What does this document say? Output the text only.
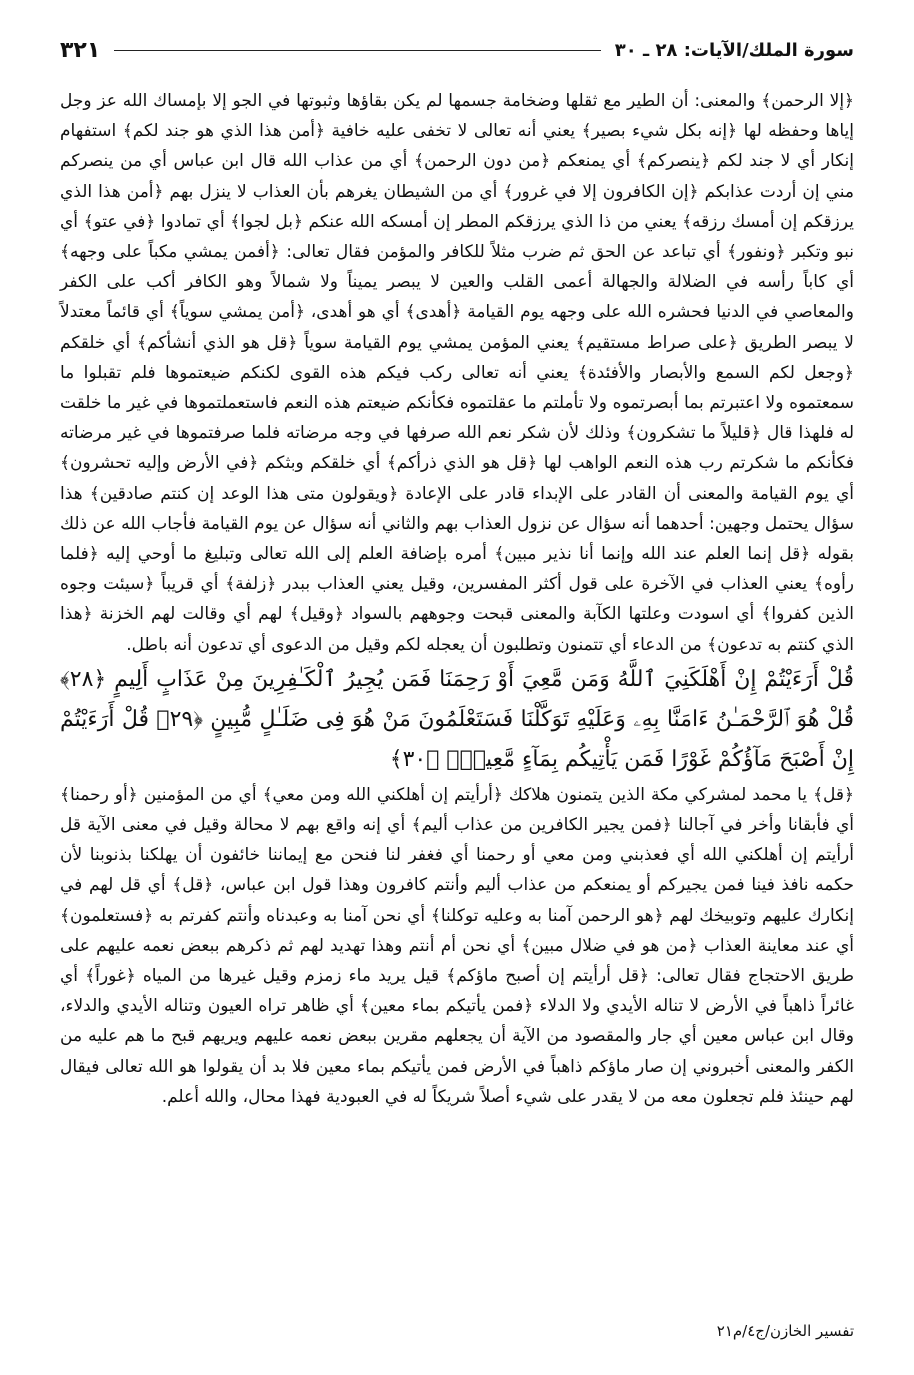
سورة الملك/الآيات: ٢٨ ـ ٣٠
٣٢١

﴿إلا الرحمن﴾ والمعنى: أن الطير مع ثقلها وضخامة جسمها لم يكن بقاؤها وثبوتها في الجو إلا بإمساك الله عز وجل إياها وحفظه لها ﴿إنه بكل شيء بصير﴾ يعني أنه تعالى لا تخفى عليه خافية ﴿أمن هذا الذي هو جند لكم﴾ استفهام إنكار أي لا جند لكم ﴿ينصركم﴾ أي يمنعكم ﴿من دون الرحمن﴾ أي من عذاب الله قال ابن عباس أي من ينصركم مني إن أردت عذابكم ﴿إن الكافرون إلا في غرور﴾ أي من الشيطان يغرهم بأن العذاب لا ينزل بهم ﴿أمن هذا الذي يرزقكم إن أمسك رزقه﴾ يعني من ذا الذي يرزقكم المطر إن أمسكه الله عنكم ﴿بل لجوا﴾ أي تمادوا ﴿في عتو﴾ أي نبو وتكبر ﴿ونفور﴾ أي تباعد عن الحق ثم ضرب مثلاً للكافر والمؤمن فقال تعالى: ﴿أفمن يمشي مكباً على وجهه﴾ أي كاباً رأسه في الضلالة والجهالة أعمى القلب والعين لا يبصر يميناً ولا شمالاً وهو الكافر أكب على الكفر والمعاصي في الدنيا فحشره الله على وجهه يوم القيامة ﴿أهدى﴾ أي هو أهدى، ﴿أمن يمشي سوياً﴾ أي قائماً معتدلاً لا يبصر الطريق ﴿على صراط مستقيم﴾ يعني المؤمن يمشي يوم القيامة سوياً ﴿قل هو الذي أنشأكم﴾ أي خلقكم ﴿وجعل لكم السمع والأبصار والأفئدة﴾ يعني أنه تعالى ركب فيكم هذه القوى لكنكم ضيعتموها فلم تقبلوا ما سمعتموه ولا اعتبرتم بما أبصرتموه ولا تأملتم ما عقلتموه فكأنكم ضيعتم هذه النعم فاستعملتموها في غير ما خلقت له فلهذا قال ﴿قليلاً ما تشكرون﴾ وذلك لأن شكر نعم الله صرفها في وجه مرضاته فلما صرفتموها في غير مرضاته فكأنكم ما شكرتم رب هذه النعم الواهب لها ﴿قل هو الذي ذرأكم﴾ أي خلقكم وبثكم ﴿في الأرض وإليه تحشرون﴾ أي يوم القيامة والمعنى أن القادر على الإبداء قادر على الإعادة ﴿ويقولون متى هذا الوعد إن كنتم صادقين﴾ هذا سؤال يحتمل وجهين: أحدهما أنه سؤال عن نزول العذاب بهم والثاني أنه سؤال عن يوم القيامة فأجاب الله عن ذلك بقوله ﴿قل إنما العلم عند الله وإنما أنا نذير مبين﴾ أمره بإضافة العلم إلى الله تعالى وتبليغ ما أوحي إليه ﴿فلما رأوه﴾ يعني العذاب في الآخرة على قول أكثر المفسرين، وقيل يعني العذاب ببدر ﴿زلفة﴾ أي قريباً ﴿سيئت وجوه الذين كفروا﴾ أي اسودت وعلتها الكآبة والمعنى قبحت وجوههم بالسواد ﴿وقيل﴾ لهم أي وقالت لهم الخزنة ﴿هذا الذي كنتم به تدعون﴾ من الدعاء أي تتمنون وتطلبون أن يعجله لكم وقيل من الدعوى أي تدعون أنه باطل.

قُلْ أَرَءَيْتُمْ إِنْ أَهْلَكَنِيَ ٱللَّهُ وَمَن مَّعِيَ أَوْ رَحِمَنَا فَمَن يُجِيرُ ٱلْكَـٰفِرِينَ مِنْ عَذَابٍ أَلِيمٍ ﴿٢٨﴾ قُلْ هُوَ ٱلرَّحْمَـٰنُ ءَامَنَّا بِهِۦ وَعَلَيْهِ تَوَكَّلْنَا فَسَتَعْلَمُونَ مَنْ هُوَ فِى ضَلَـٰلٍ مُّبِينٍ ﴿٢٩﴾ قُلْ أَرَءَيْتُمْ إِنْ أَصْبَحَ مَآؤُكُمْ غَوْرًا فَمَن يَأْتِيكُم بِمَآءٍ مَّعِينٍۭ ﴿٣٠﴾

﴿قل﴾ يا محمد لمشركي مكة الذين يتمنون هلاكك ﴿أرأيتم إن أهلكني الله ومن معي﴾ أي من المؤمنين ﴿أو رحمنا﴾ أي فأبقانا وأخر في آجالنا ﴿فمن يجير الكافرين من عذاب أليم﴾ أي إنه واقع بهم لا محالة وقيل في معنى الآية قل أرأيتم إن أهلكني الله أي فعذبني ومن معي أو رحمنا أي فغفر لنا فنحن مع إيماننا خائفون أن يهلكنا بذنوبنا لأن حكمه نافذ فينا فمن يجيركم أو يمنعكم من عذاب أليم وأنتم كافرون وهذا قول ابن عباس، ﴿قل﴾ أي قل لهم في إنكارك عليهم وتوبيخك لهم ﴿هو الرحمن آمنا به وعليه توكلنا﴾ أي نحن آمنا به وعبدناه وأنتم كفرتم به ﴿فستعلمون﴾ أي عند معاينة العذاب ﴿من هو في ضلال مبين﴾ أي نحن أم أنتم وهذا تهديد لهم ثم ذكرهم ببعض نعمه عليهم على طريق الاحتجاج فقال تعالى: ﴿قل أرأيتم إن أصبح ماؤكم﴾ قيل يريد ماء زمزم وقيل غيرها من المياه ﴿غوراً﴾ أي غائراً ذاهباً في الأرض لا تناله الأيدي ولا الدلاء ﴿فمن يأتيكم بماء معين﴾ أي ظاهر تراه العيون وتناله الأيدي والدلاء، وقال ابن عباس معين أي جار والمقصود من الآية أن يجعلهم مقرين ببعض نعمه عليهم ويريهم قبح ما هم عليه من الكفر والمعنى أخبروني إن صار ماؤكم ذاهباً في الأرض فمن يأتيكم بماء معين فلا بد أن يقولوا هو الله تعالى فيقال لهم حينئذ فلم تجعلون معه من لا يقدر على شيء أصلاً شريكاً له في العبودية فهذا محال، والله أعلم.

تفسير الخازن/ج٤/م٢١
